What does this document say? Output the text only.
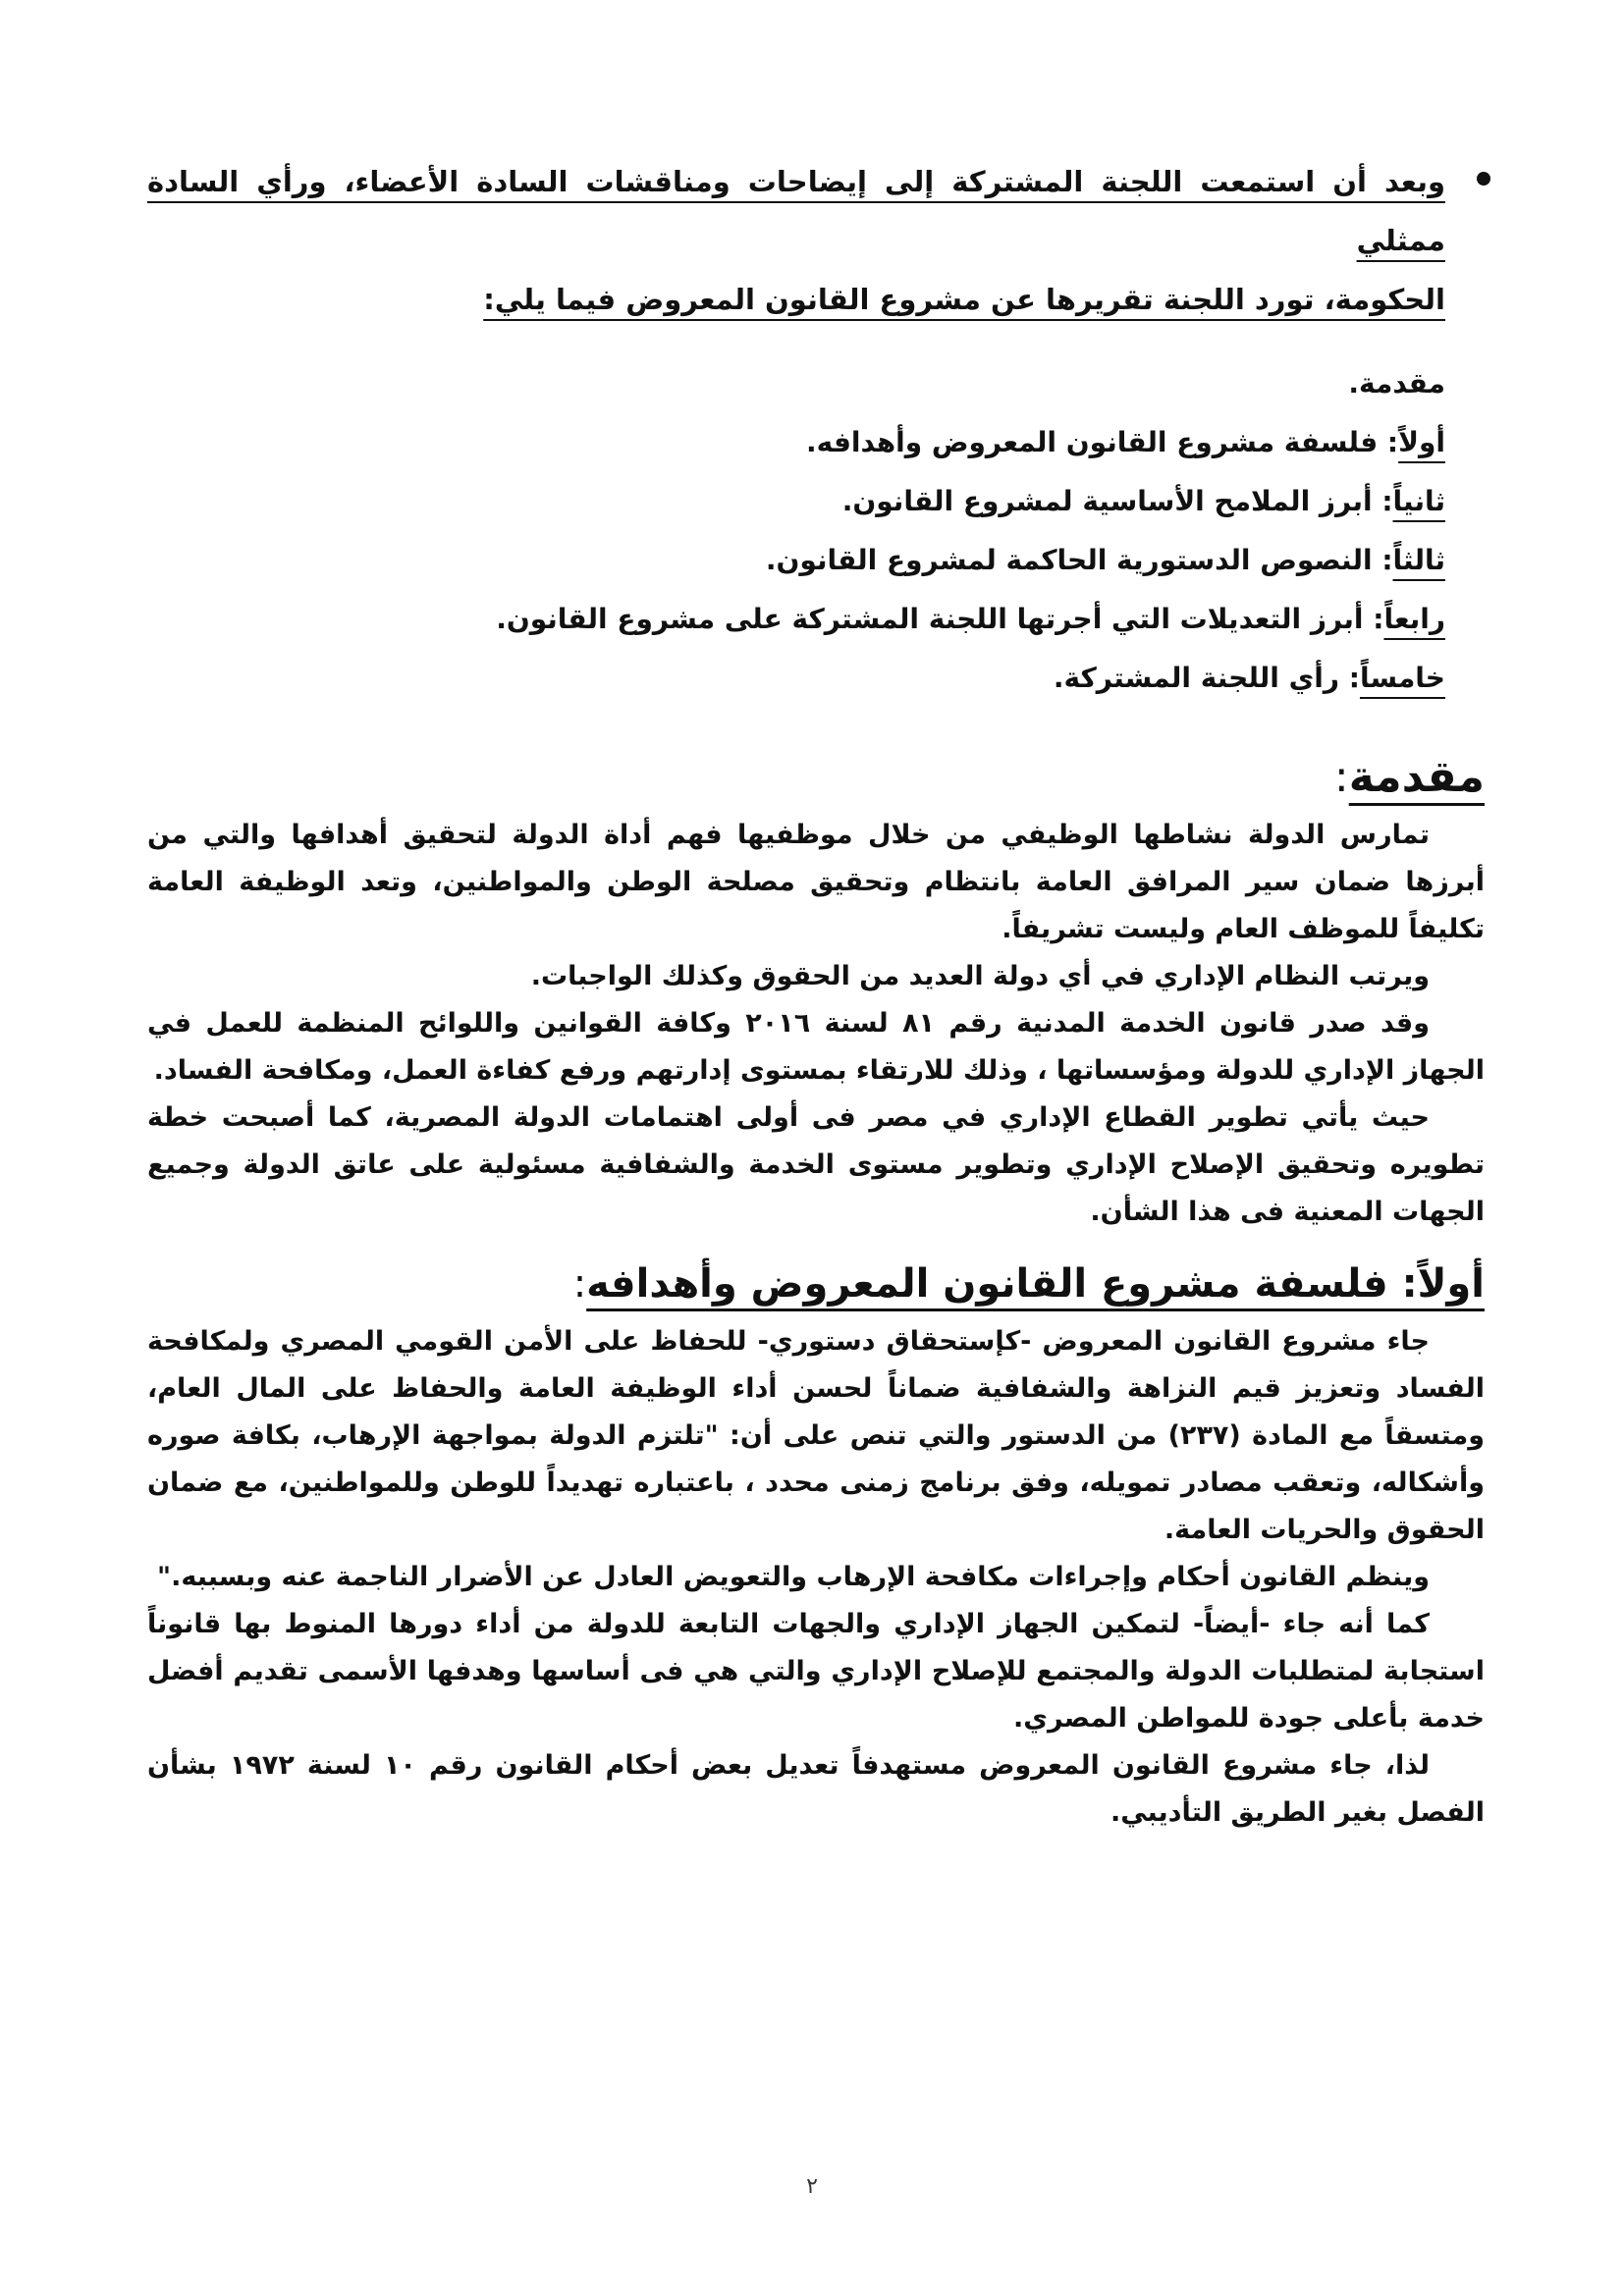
وبعد أن استمعت اللجنة المشتركة إلى إيضاحات ومناقشات السادة الأعضاء، ورأي السادة ممثلي
الحكومة، تورد اللجنة تقريرها عن مشروع القانون المعروض فيما يلي:
مقدمة.
أولاً: فلسفة مشروع القانون المعروض وأهدافه.
ثانياً: أبرز الملامح الأساسية لمشروع القانون.
ثالثاً: النصوص الدستورية الحاكمة لمشروع القانون.
رابعاً: أبرز التعديلات التي أجرتها اللجنة المشتركة على مشروع القانون.
خامساً: رأي اللجنة المشتركة.
مقدمة:

تمارس الدولة نشاطها الوظيفي من خلال موظفيها فهم أداة الدولة لتحقيق أهدافها والتي من أبرزها ضمان سير المرافق العامة بانتظام وتحقيق مصلحة الوطن والمواطنين، وتعد الوظيفة العامة تكليفاً للموظف العام وليست تشريفاً.

ويرتب النظام الإداري في أي دولة العديد من الحقوق وكذلك الواجبات.

وقد صدر قانون الخدمة المدنية رقم ٨١ لسنة ٢٠١٦ وكافة القوانين واللوائح المنظمة للعمل في الجهاز الإداري للدولة ومؤسساتها ، وذلك للارتقاء بمستوى إدارتهم ورفع كفاءة العمل، ومكافحة الفساد.

حيث يأتي تطوير القطاع الإداري في مصر فى أولى اهتمامات الدولة المصرية، كما أصبحت خطة تطويره وتحقيق الإصلاح الإداري وتطوير مستوى الخدمة والشفافية مسئولية على عاتق الدولة وجميع الجهات المعنية فى هذا الشأن.

أولاً: فلسفة مشروع القانون المعروض وأهدافه:

جاء مشروع القانون المعروض -كإستحقاق دستوري- للحفاظ على الأمن القومي المصري ولمكافحة الفساد وتعزيز قيم النزاهة والشفافية ضماناً لحسن أداء الوظيفة العامة والحفاظ على المال العام، ومتسقاً مع المادة (٢٣٧) من الدستور والتي تنص على أن: "تلتزم الدولة بمواجهة الإرهاب، بكافة صوره وأشكاله، وتعقب مصادر تمويله، وفق برنامج زمنى محدد ، باعتباره تهديداً للوطن وللمواطنين، مع ضمان الحقوق والحريات العامة.

وينظم القانون أحكام وإجراءات مكافحة الإرهاب والتعويض العادل عن الأضرار الناجمة عنه وبسببه."

كما أنه جاء -أيضاً- لتمكين الجهاز الإداري والجهات التابعة للدولة من أداء دورها المنوط بها قانوناً استجابة لمتطلبات الدولة والمجتمع للإصلاح الإداري والتي هي فى أساسها وهدفها الأسمى تقديم أفضل خدمة بأعلى جودة للمواطن المصري.

لذا، جاء مشروع القانون المعروض مستهدفاً تعديل بعض أحكام القانون رقم ١٠ لسنة ١٩٧٢ بشأن الفصل بغير الطريق التأديبي.

٢
